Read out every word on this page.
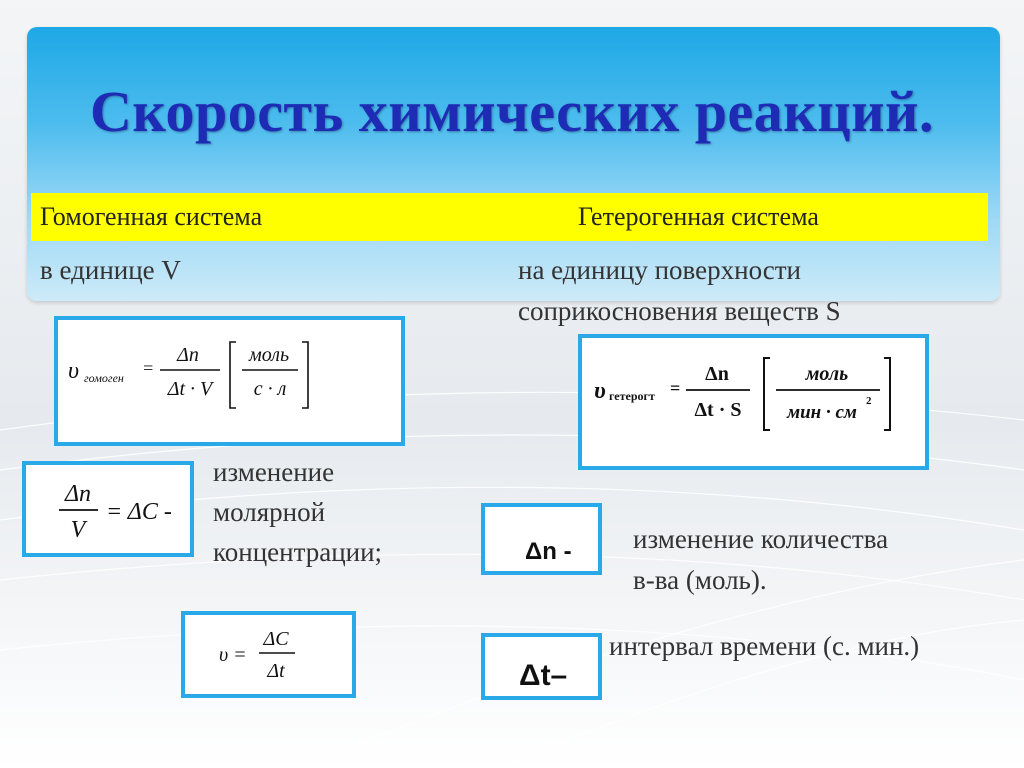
Скорость химических реакций.
Гомогенная система	Гетерогенная система
в единице V	на единицу поверхности
соприкосновения веществ S
υ гомоген =
Δn
Δt · V
моль
с · л	υ гетерогт =
Δn
Δt · S
моль
мин · см
2
Δn
V
= ΔC -
изменение
молярной
концентрации;
υ =
ΔC
Δt
Δn - изменение количества
в-ва (моль).
Δt–
интервал времени (с. мин.)
